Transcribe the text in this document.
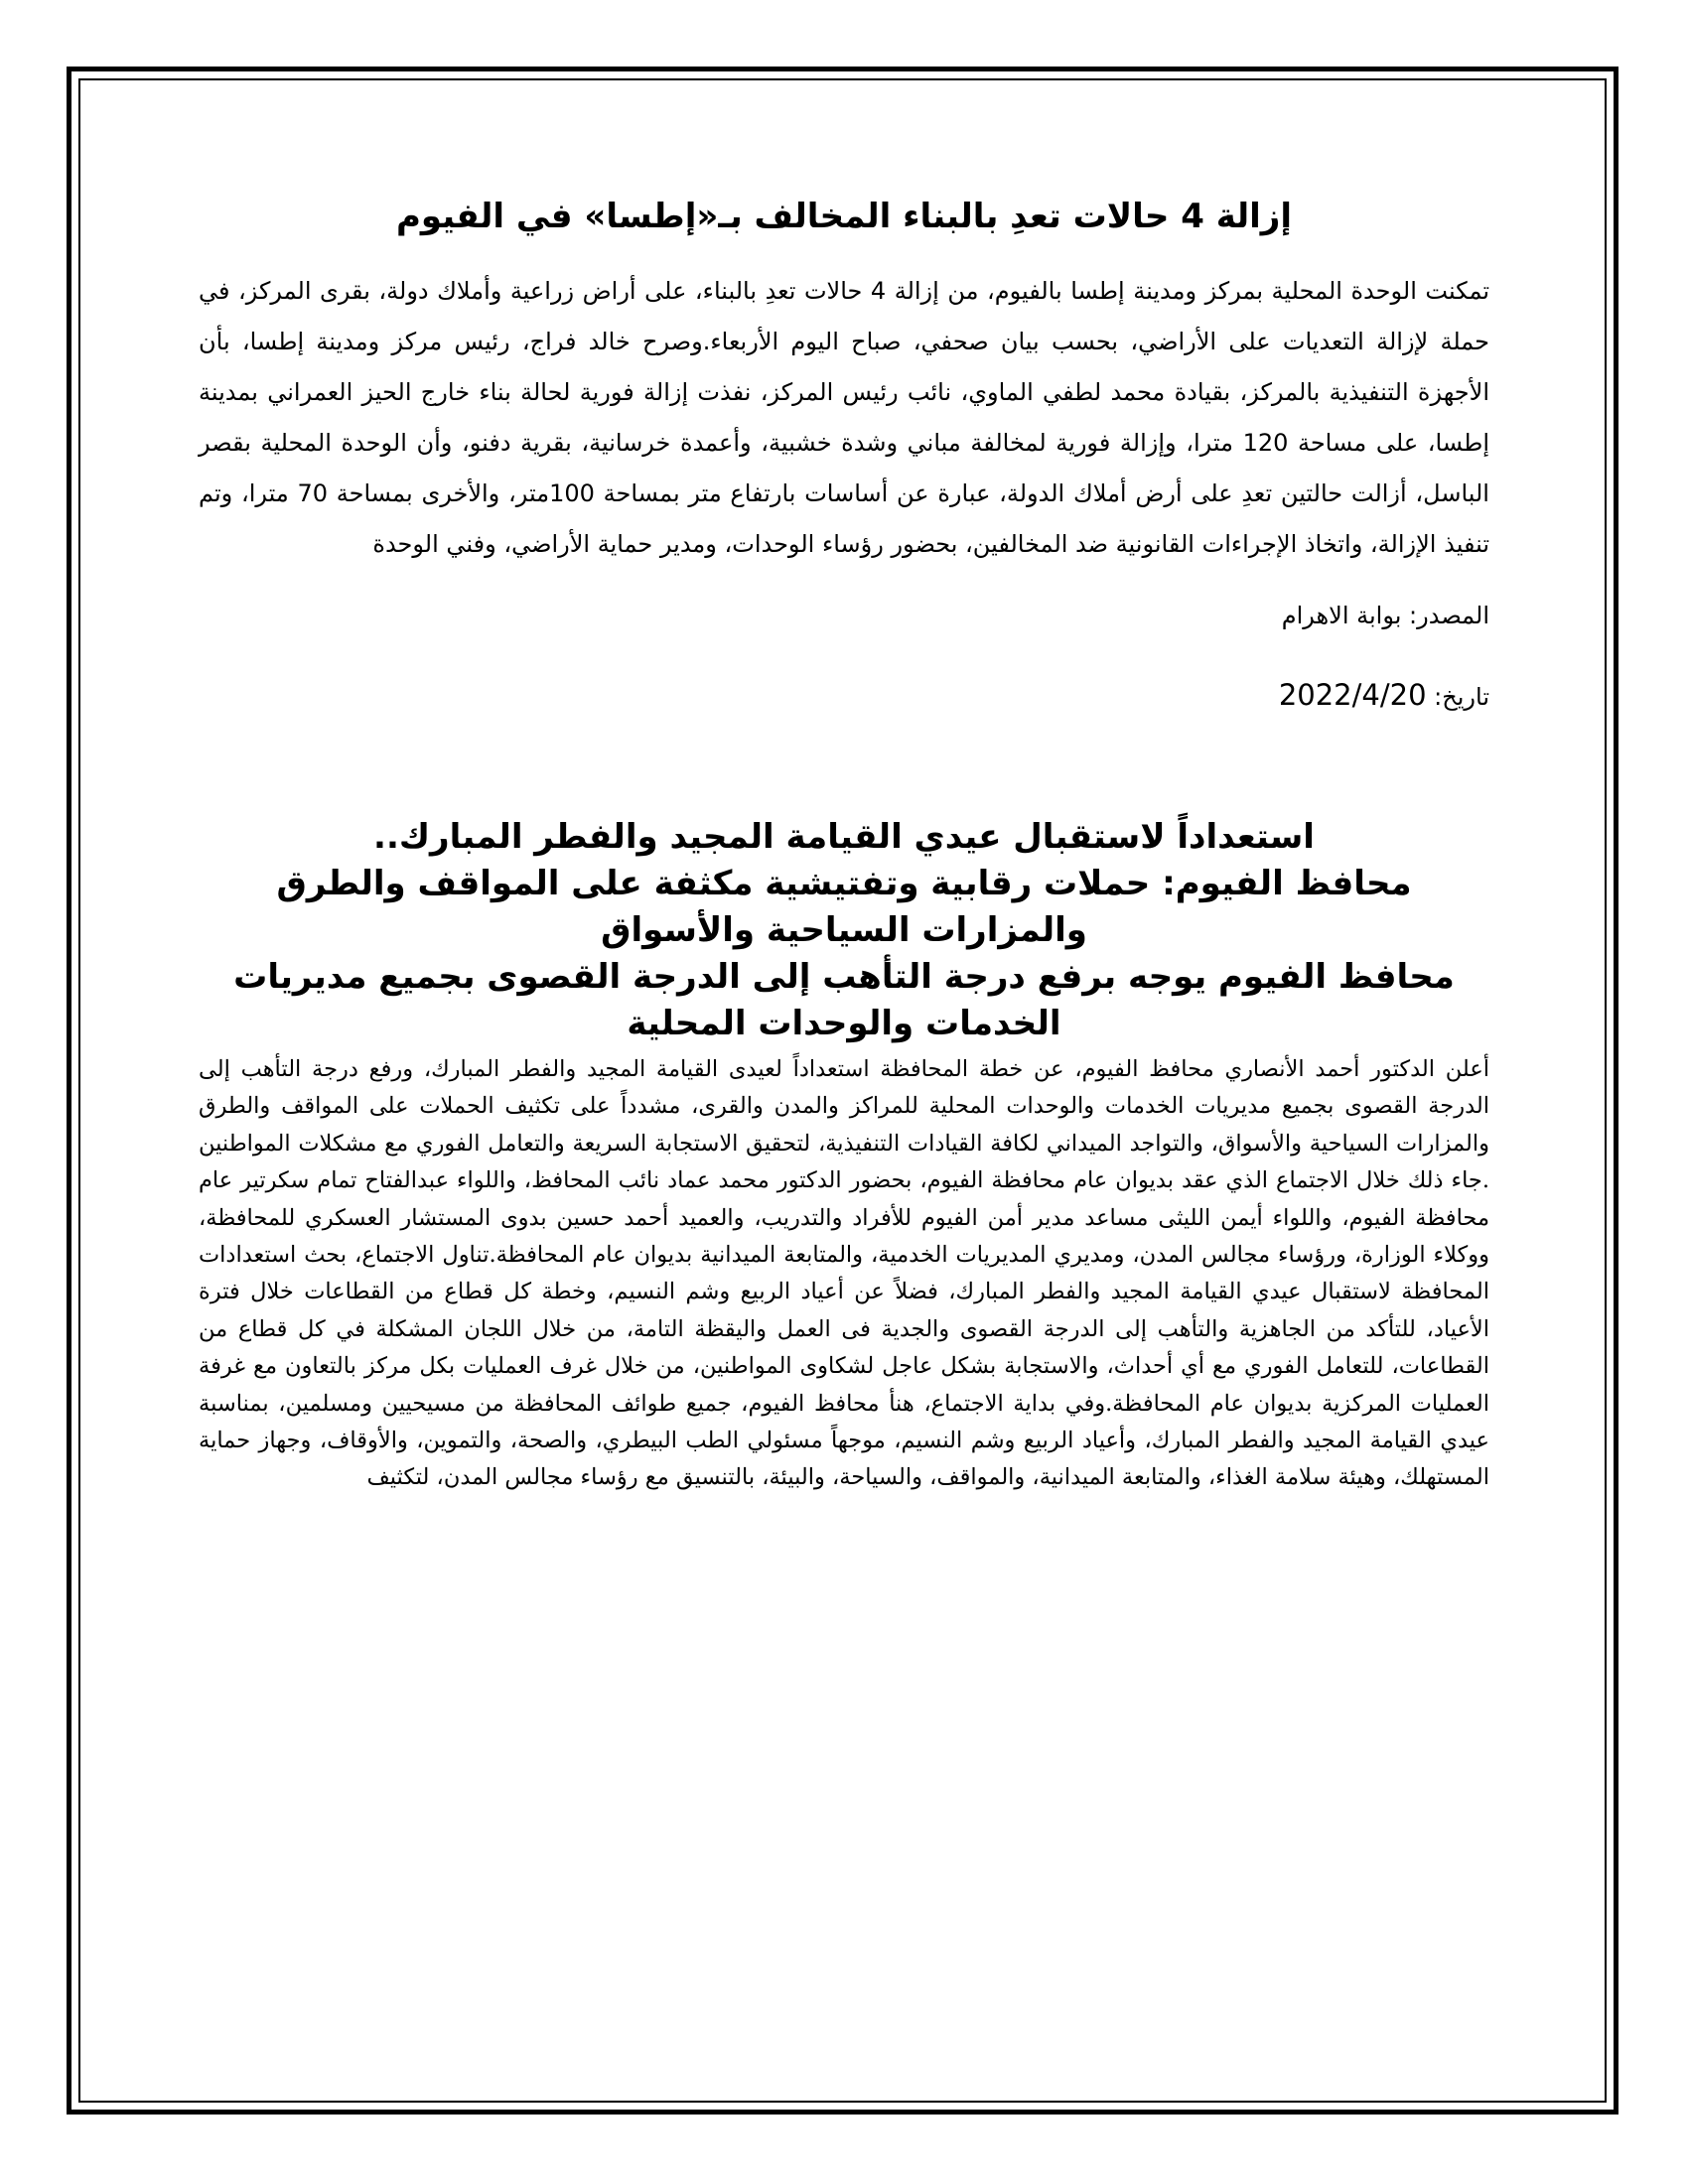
إزالة 4 حالات تعدِ بالبناء المخالف بـ«إطسا» في الفيوم

تمكنت الوحدة المحلية بمركز ومدينة إطسا بالفيوم، من إزالة 4 حالات تعدِ بالبناء، على أراض زراعية وأملاك دولة، بقرى المركز، في حملة لإزالة التعديات على الأراضي، بحسب بيان صحفي، صباح اليوم الأربعاء.وصرح خالد فراج، رئيس مركز ومدينة إطسا، بأن الأجهزة التنفيذية بالمركز، بقيادة محمد لطفي الماوي، نائب رئيس المركز، نفذت إزالة فورية لحالة بناء خارج الحيز العمراني بمدينة إطسا، على مساحة 120 مترا، وإزالة فورية لمخالفة مباني وشدة خشبية، وأعمدة خرسانية، بقرية دفنو، وأن الوحدة المحلية بقصر الباسل، أزالت حالتين تعدِ على أرض أملاك الدولة، عبارة عن أساسات بارتفاع متر بمساحة 100متر، والأخرى بمساحة 70 مترا، وتم تنفيذ الإزالة، واتخاذ الإجراءات القانونية ضد المخالفين، بحضور رؤساء الوحدات، ومدير حماية الأراضي، وفني الوحدة

المصدر: بوابة الاهرام

تاريخ: 2022/4/20

استعداداً لاستقبال عيدي القيامة المجيد والفطر المبارك..
محافظ الفيوم: حملات رقابية وتفتيشية مكثفة على المواقف والطرق والمزارات السياحية والأسواق
محافظ الفيوم يوجه برفع درجة التأهب إلى الدرجة القصوى بجميع مديريات الخدمات والوحدات المحلية

أعلن الدكتور أحمد الأنصاري محافظ الفيوم، عن خطة المحافظة استعداداً لعيدى القيامة المجيد والفطر المبارك، ورفع درجة التأهب إلى الدرجة القصوى بجميع مديريات الخدمات والوحدات المحلية للمراكز والمدن والقرى، مشدداً على تكثيف الحملات على المواقف والطرق والمزارات السياحية والأسواق، والتواجد الميداني لكافة القيادات التنفيذية، لتحقيق الاستجابة السريعة والتعامل الفوري مع مشكلات المواطنين .جاء ذلك خلال الاجتماع الذي عقد بديوان عام محافظة الفيوم، بحضور الدكتور محمد عماد نائب المحافظ، واللواء عبدالفتاح تمام سكرتير عام محافظة الفيوم، واللواء أيمن الليثى مساعد مدير أمن الفيوم للأفراد والتدريب، والعميد أحمد حسين بدوى المستشار العسكري للمحافظة، ووكلاء الوزارة، ورؤساء مجالس المدن، ومديري المديريات الخدمية، والمتابعة الميدانية بديوان عام المحافظة.تناول الاجتماع، بحث استعدادات المحافظة لاستقبال عيدي القيامة المجيد والفطر المبارك، فضلاً عن أعياد الربيع وشم النسيم، وخطة كل قطاع من القطاعات خلال فترة الأعياد، للتأكد من الجاهزية والتأهب إلى الدرجة القصوى والجدية فى العمل واليقظة التامة، من خلال اللجان المشكلة في كل قطاع من القطاعات، للتعامل الفوري مع أي أحداث، والاستجابة بشكل عاجل لشكاوى المواطنين، من خلال غرف العمليات بكل مركز بالتعاون مع غرفة العمليات المركزية بديوان عام المحافظة.وفي بداية الاجتماع، هنأ محافظ الفيوم، جميع طوائف المحافظة من مسيحيين ومسلمين، بمناسبة عيدي القيامة المجيد والفطر المبارك، وأعياد الربيع وشم النسيم، موجهاً مسئولي الطب البيطري، والصحة، والتموين، والأوقاف، وجهاز حماية المستهلك، وهيئة سلامة الغذاء، والمتابعة الميدانية، والمواقف، والسياحة، والبيئة، بالتنسيق مع رؤساء مجالس المدن، لتكثيف
